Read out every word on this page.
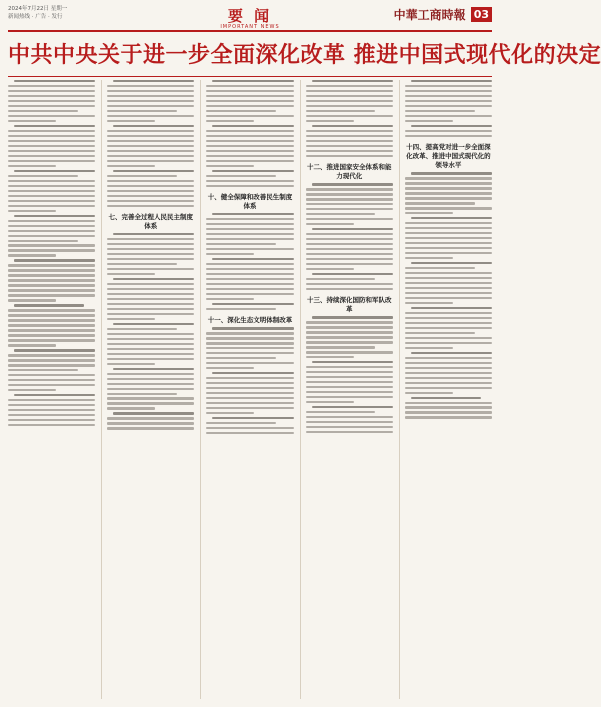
2024年7月22日 星期一
新闻热线 · 广告 · 发行	要 闻
IMPORTANT NEWS
中華工商時報 03
中共中央关于进一步全面深化改革 推进中国式现代化的决定
七、完善全过程人民民主制度体系
十、健全保障和改善民生制度体系
十一、深化生态文明体制改革
十二、推进国家安全体系和能力现代化
十三、持续深化国防和军队改革
十四、提高党对进一步全面深化改革、推进中国式现代化的领导水平
